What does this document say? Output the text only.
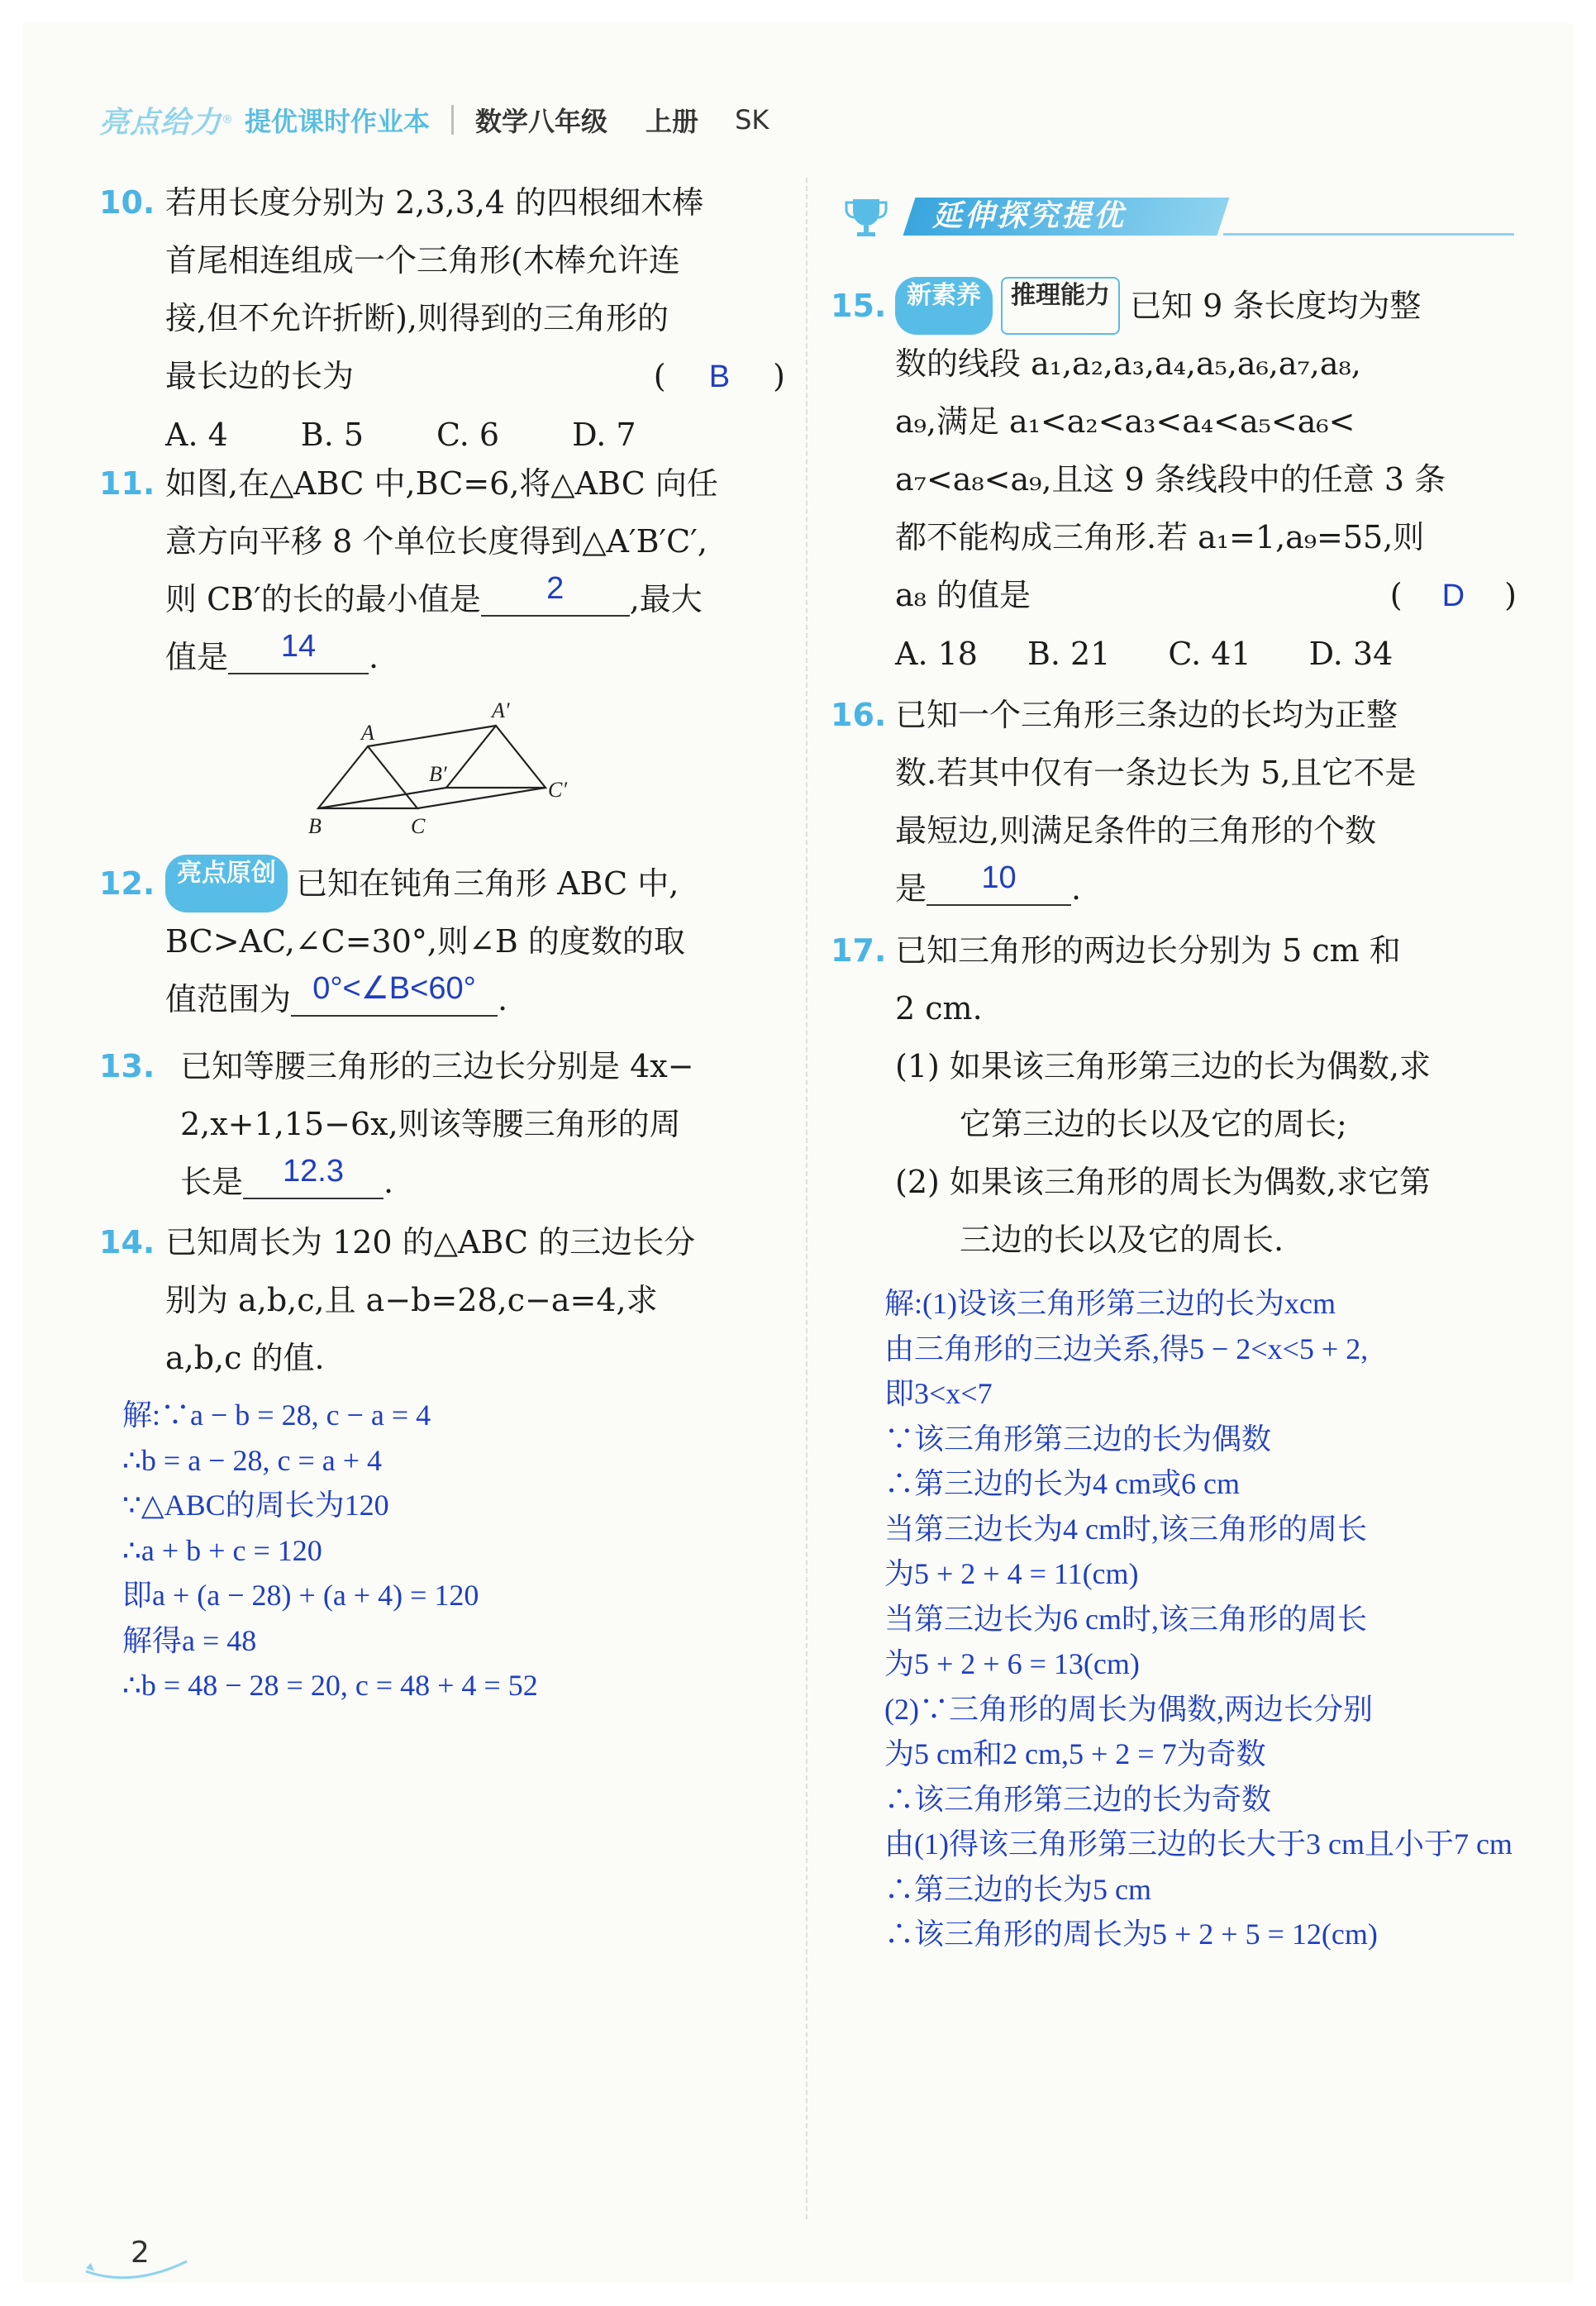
亮点给力 ® 提优课时作业本 数学八年级 上册 SK
10. 若用长度分别为 2,3,3,4 的四根细木棒
首尾相连组成一个三角形(木棒允许连
接,但不允许折断),则得到的三角形的
最长边的长为	( B )
A. 4 B. 5 C. 6 D. 7
11. 如图,在△ABC 中,BC=6,将△ABC 向任
意方向平移 8 个单位长度得到△A′B′C′,
则 CB′的长的最小值是	2	,最大
值是	14	.
A
B	C
A′
B′
C′
12. 亮点原创 已知在钝角三角形 ABC 中,
BC>AC,∠C=30°,则∠B 的度数的取
值范围为 0°<∠B<60° .
13. 已知等腰三角形的三边长分别是 4x−
2,x+1,15−6x,则该等腰三角形的周
长是	12.3	.
14. 已知周长为 120 的△ABC 的三边长分
别为 a,b,c,且 a−b=28,c−a=4,求
a,b,c 的值.
解:∵a − b = 28, c − a = 4
∴b = a − 28, c = a + 4
∵△ABC的周长为120
∴a + b + c = 120
即a + (a − 28) + (a + 4) = 120
解得a = 48
∴b = 48 − 28 = 20, c = 48 + 4 = 52
延伸探究提优
15. 新素养	推理能力 已知 9 条长度均为整
数的线段 a₁,a₂,a₃,a₄,a₅,a₆,a₇,a₈,
a₉,满足 a₁<a₂<a₃<a₄<a₅<a₆<
a₇<a₈<a₉,且这 9 条线段中的任意 3 条
都不能构成三角形.若 a₁=1,a₉=55,则
a₈ 的值是	( D )
A. 18 B. 21 C. 41 D. 34
16. 已知一个三角形三条边的长均为正整
数.若其中仅有一条边长为 5,且它不是
最短边,则满足条件的三角形的个数
是	10	.
17. 已知三角形的两边长分别为 5 cm 和
2 cm.
(1) 如果该三角形第三边的长为偶数,求
它第三边的长以及它的周长;
(2) 如果该三角形的周长为偶数,求它第
三边的长以及它的周长.
解:(1)设该三角形第三边的长为xcm
由三角形的三边关系,得5 − 2<x<5 + 2,
即3<x<7
∵该三角形第三边的长为偶数
∴第三边的长为4 cm或6 cm
当第三边长为4 cm时,该三角形的周长
为5 + 2 + 4 = 11(cm)
当第三边长为6 cm时,该三角形的周长
为5 + 2 + 6 = 13(cm)
(2)∵三角形的周长为偶数,两边长分别
为5 cm和2 cm,5 + 2 = 7为奇数
∴该三角形第三边的长为奇数
由(1)得该三角形第三边的长大于3 cm且小于7 cm
∴第三边的长为5 cm
∴该三角形的周长为5 + 2 + 5 = 12(cm)
2
